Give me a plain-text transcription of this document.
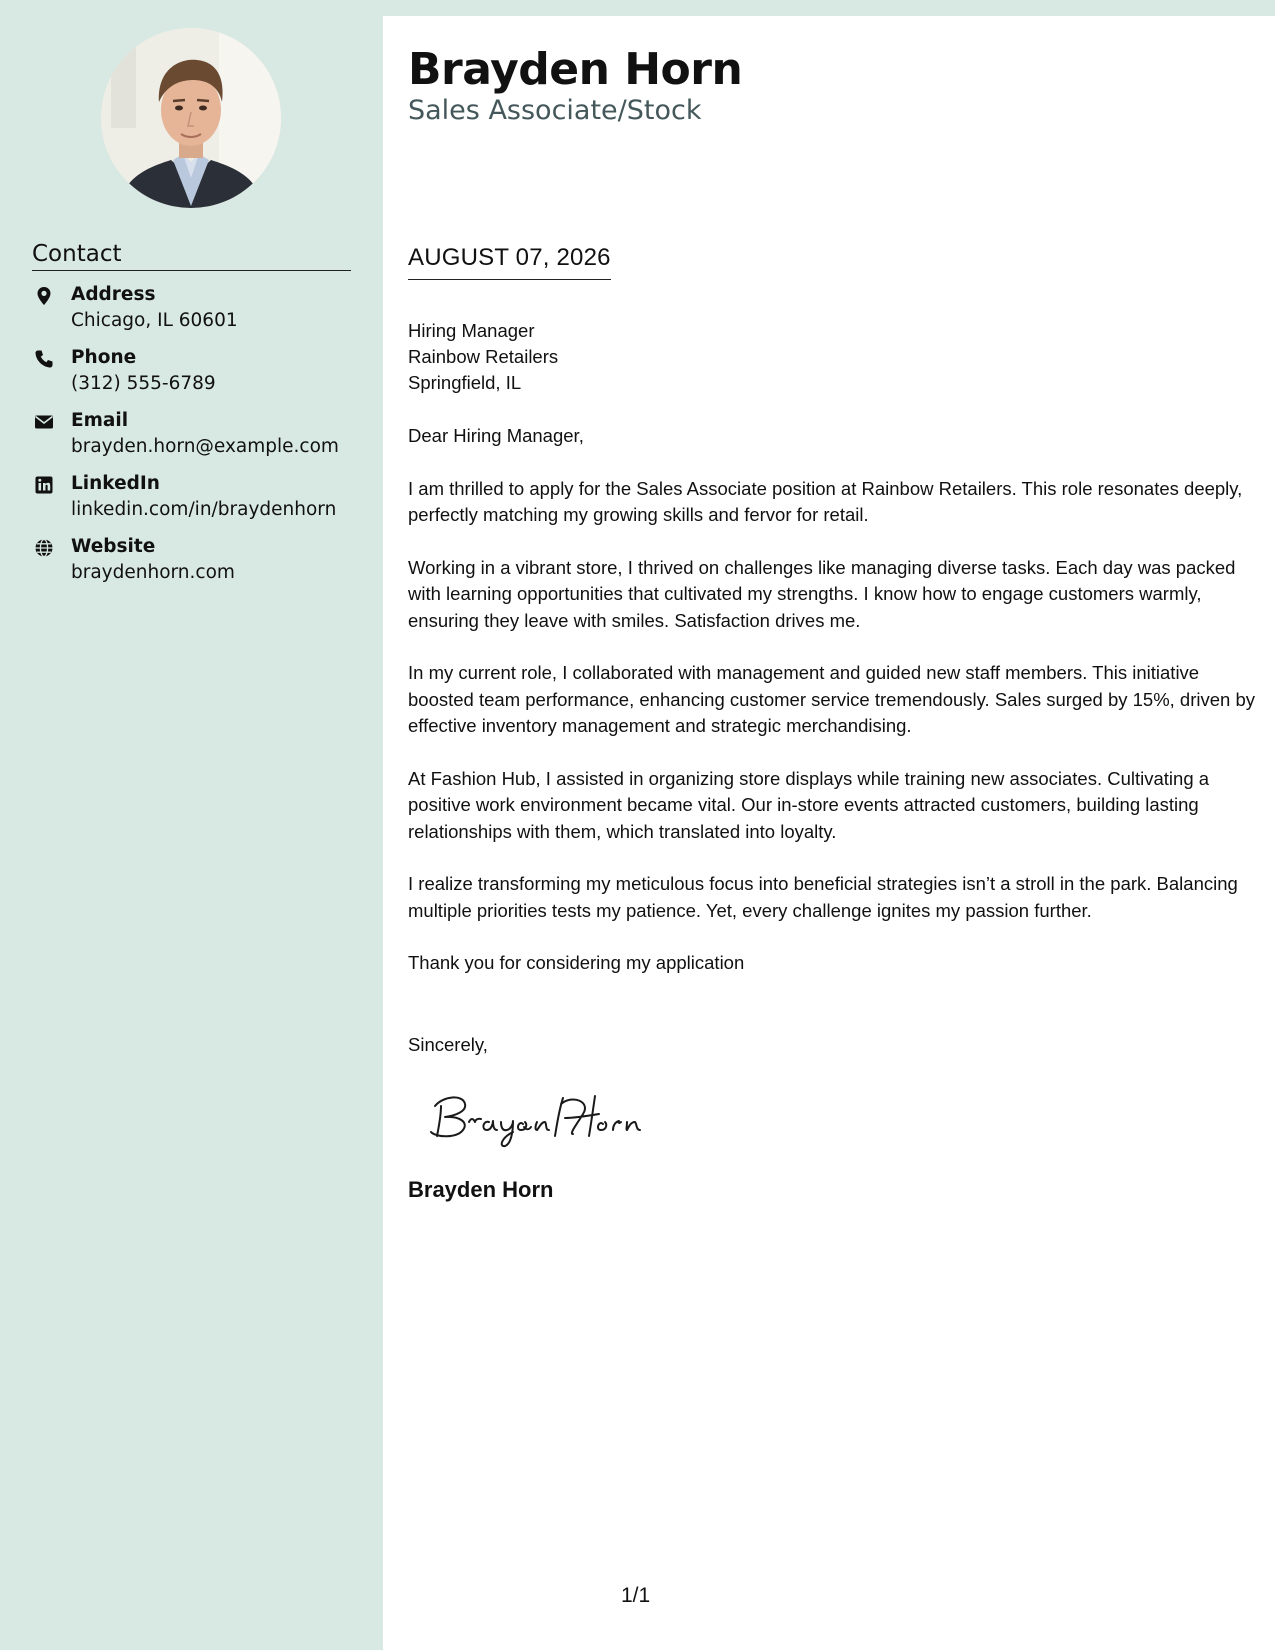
Contact
Address
Chicago, IL 60601
Phone
(312) 555-6789
Email
brayden.horn@example.com
LinkedIn
linkedin.com/in/braydenhorn
Website
braydenhorn.com
Brayden Horn
Sales Associate/Stock
AUGUST 07, 2026
Hiring Manager
Rainbow Retailers
Springfield, IL

Dear Hiring Manager,

I am thrilled to apply for the Sales Associate position at Rainbow Retailers. This role resonates deeply, perfectly matching my growing skills and fervor for retail.

Working in a vibrant store, I thrived on challenges like managing diverse tasks. Each day was packed with learning opportunities that cultivated my strengths. I know how to engage customers warmly, ensuring they leave with smiles. Satisfaction drives me.

In my current role, I collaborated with management and guided new staff members. This initiative boosted team performance, enhancing customer service tremendously. Sales surged by 15%, driven by effective inventory management and strategic merchandising.

At Fashion Hub, I assisted in organizing store displays while training new associates. Cultivating a positive work environment became vital. Our in-store events attracted customers, building lasting relationships with them, which translated into loyalty.

I realize transforming my meticulous focus into beneficial strategies isn’t a stroll in the park. Balancing multiple priorities tests my patience. Yet, every challenge ignites my passion further.

Thank you for considering my application

Sincerely,
Brayden Horn
1/1
